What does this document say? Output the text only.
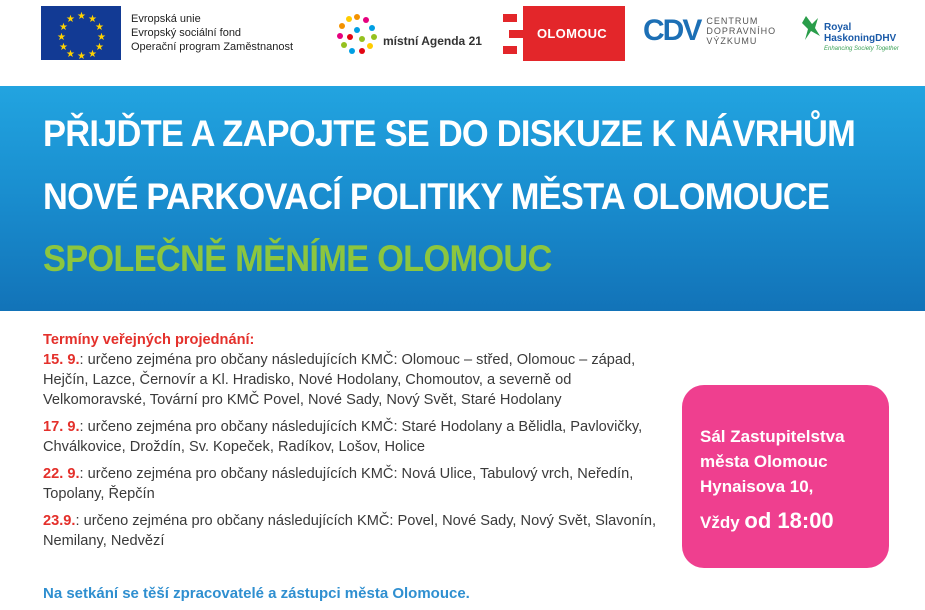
★ ★
★
★
★
★
★
★
★
★
★
★	Evropská unie
Evropský sociální fond
Operační program Zaměstnanost	místní Agenda 21	OLOMOUC CDV CENTRUM
DOPRAVNÍHO
VÝZKUMU
Royal
HaskoningDHV
Enhancing Society Together
PŘIJĎTE A ZAPOJTE SE DO DISKUZE K NÁVRHŮM
NOVÉ PARKOVACÍ POLITIKY MĚSTA OLOMOUCE
SPOLEČNĚ MĚNÍME OLOMOUC
Termíny veřejných projednání:
15. 9.: určeno zejména pro občany následujících KMČ: Olomouc – střed, Olomouc – západ, Hejčín, Lazce, Černovír a Kl. Hradisko, Nové Hodolany, Chomoutov, a severně od Velkomoravské, Tovární pro KMČ Povel, Nové Sady, Nový Svět, Staré Hodolany
17. 9.: určeno zejména pro občany následujících KMČ: Staré Hodolany a Bělidla, Pavlovičky, Chválkovice, Droždín, Sv. Kopeček, Radíkov, Lošov, Holice
22. 9.: určeno zejména pro občany následujících KMČ: Nová Ulice, Tabulový vrch, Neředín, Topolany, Řepčín
23.9.: určeno zejména pro občany následujících KMČ: Povel, Nové Sady, Nový Svět, Slavonín, Nemilany, Nedvězí
Na setkání se těší zpracovatelé a zástupci města Olomouce.
Sál Zastupitelstva
města Olomouc
Hynaisova 10,
Vždy od 18:00
